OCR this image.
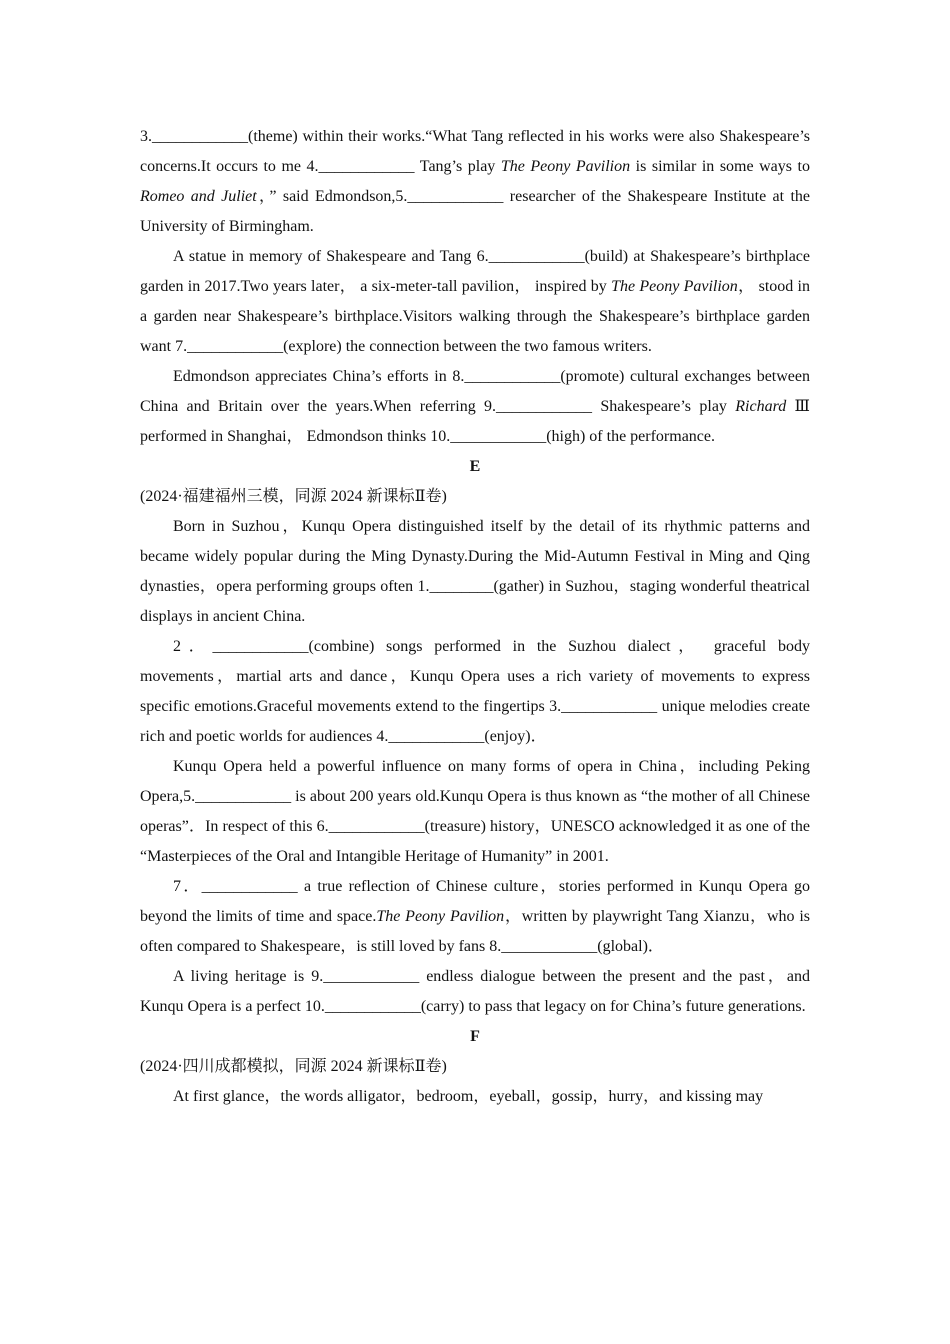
3.____________(theme) within their works.“What Tang reflected in his works were also Shakespeare’s concerns.It occurs to me 4.____________ Tang’s play The Peony Pavilion is similar in some ways to Romeo and Juliet，” said Edmondson,5.____________ researcher of the Shakespeare Institute at the University of Birmingham.

A statue in memory of Shakespeare and Tang 6.____________(build) at Shakespeare’s birthplace garden in 2017.Two years later， a six-meter-tall pavilion， inspired by The Peony Pavilion， stood in a garden near Shakespeare’s birthplace.Visitors walking through the Shakespeare’s birthplace garden want 7.____________(explore) the connection between the two famous writers.

Edmondson appreciates China’s efforts in 8.____________(promote) cultural exchanges between China and Britain over the years.When referring 9.____________ Shakespeare’s play Richard Ⅲ performed in Shanghai， Edmondson thinks 10.____________(high) of the performance.

E
(2024·福建福州三模，同源 2024 新课标Ⅱ卷)

Born in Suzhou，Kunqu Opera distinguished itself by the detail of its rhythmic patterns and became widely popular during the Ming Dynasty.During the Mid-Autumn Festival in Ming and Qing dynasties，opera performing groups often 1.________(gather) in Suzhou，staging wonderful theatrical displays in ancient China.

2．____________(combine) songs performed in the Suzhou dialect， graceful body movements，martial arts and dance，Kunqu Opera uses a rich variety of movements to express specific emotions.Graceful movements extend to the fingertips 3.____________ unique melodies create rich and poetic worlds for audiences 4.____________(enjoy)．

Kunqu Opera held a powerful influence on many forms of opera in China，including Peking Opera,5.____________ is about 200 years old.Kunqu Opera is thus known as “the mother of all Chinese operas”．In respect of this 6.____________(treasure) history，UNESCO acknowledged it as one of the “Masterpieces of the Oral and Intangible Heritage of Humanity” in 2001.

7．____________ a true reflection of Chinese culture，stories performed in Kunqu Opera go beyond the limits of time and space.The Peony Pavilion，written by playwright Tang Xianzu，who is often compared to Shakespeare，is still loved by fans 8.____________(global)．

A living heritage is 9.____________ endless dialogue between the present and the past，and Kunqu Opera is a perfect 10.____________(carry) to pass that legacy on for China’s future generations.

F
(2024·四川成都模拟，同源 2024 新课标Ⅱ卷)

At first glance，the words alligator，bedroom，eyeball，gossip，hurry，and kissing may
